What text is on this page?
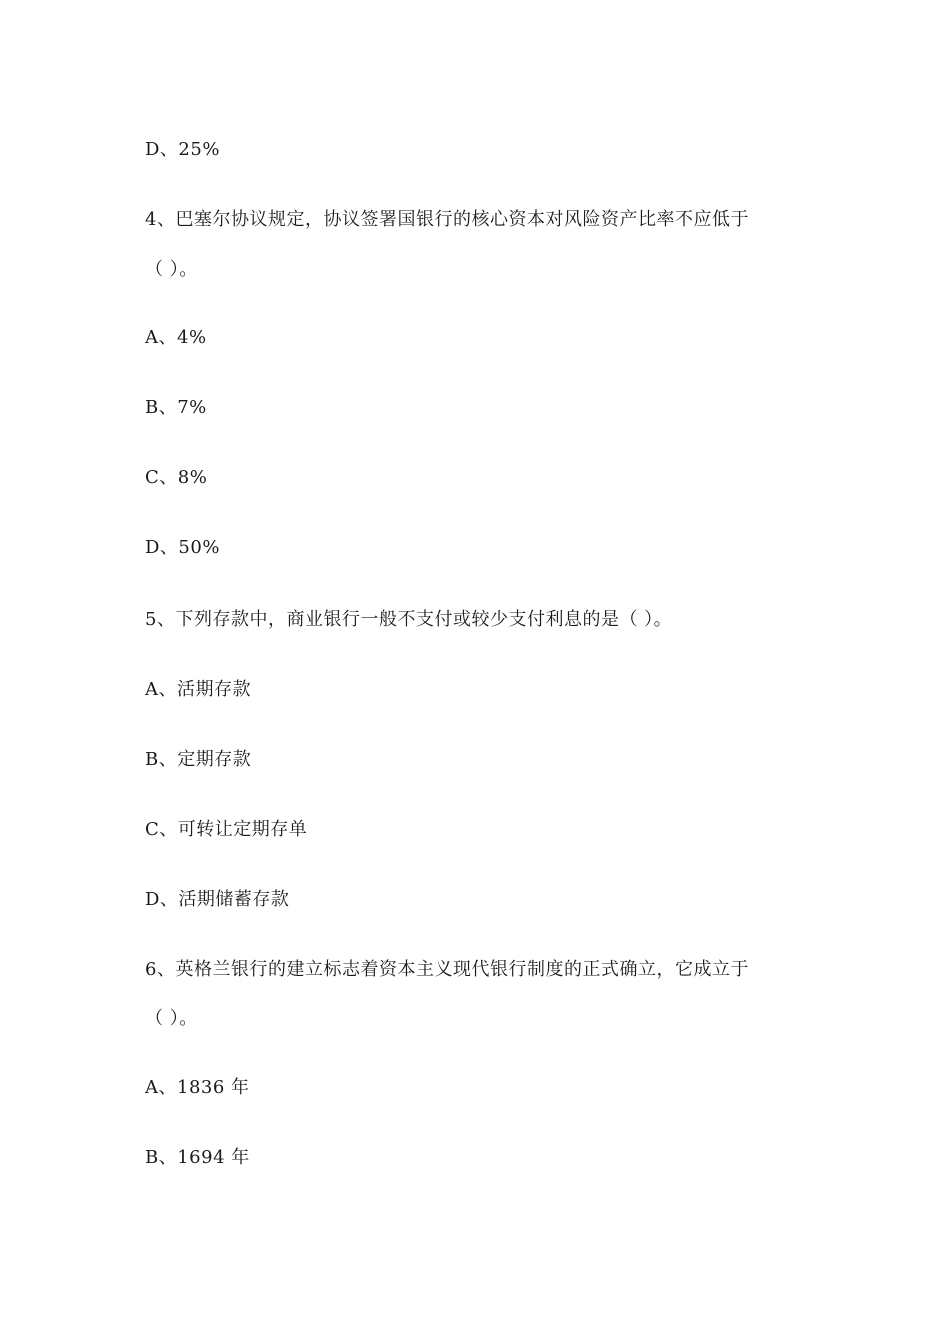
D、25%
4、巴塞尔协议规定，协议签署国银行的核心资本对风险资产比率不应低于
（ ）。
A、4%
B、7%
C、8%
D、50%
5、下列存款中，商业银行一般不支付或较少支付利息的是（ ）。
A、活期存款
B、定期存款
C、可转让定期存单
D、活期储蓄存款
6、英格兰银行的建立标志着资本主义现代银行制度的正式确立，它成立于
（ ）。
A、1836 年
B、1694 年
